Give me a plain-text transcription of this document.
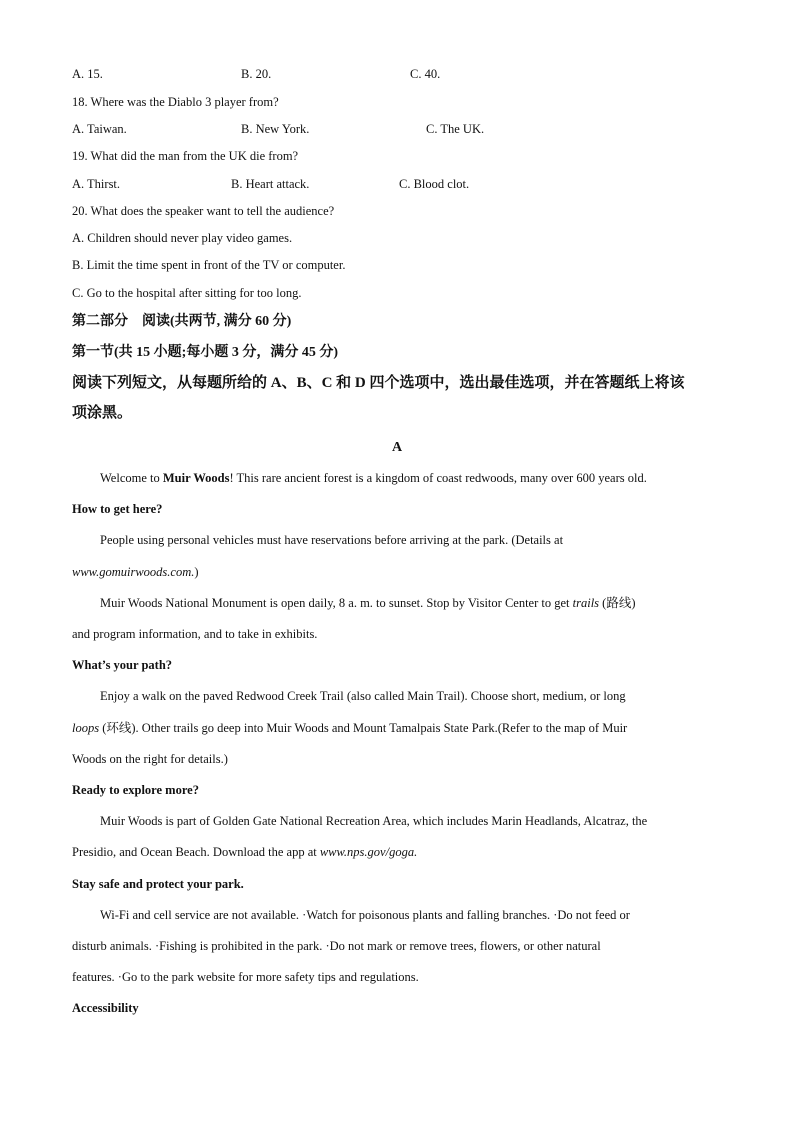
A. 15.	B. 20.	C. 40.
18. Where was the Diablo 3 player from?
A. Taiwan.	B. New York.	C. The UK.
19. What did the man from the UK die from?
A. Thirst.	B. Heart attack.	C. Blood clot.
20. What does the speaker want to tell the audience?
A. Children should never play video games.
B. Limit the time spent in front of the TV or computer.
C. Go to the hospital after sitting for too long.
第二部分　阅读(共两节, 满分 60 分)
第一节(共 15 小题;每小题 3 分，满分 45 分)
阅读下列短文，从每题所给的 A、B、C 和 D 四个选项中，选出最佳选项，并在答题纸上将该
项涂黑。
A
Welcome to Muir Woods! This rare ancient forest is a kingdom of coast redwoods, many over 600 years old.
How to get here?
People using personal vehicles must have reservations before arriving at the park. (Details at
www.gomuirwoods.com.)
Muir Woods National Monument is open daily, 8 a. m. to sunset. Stop by Visitor Center to get trails (路线)
and program information, and to take in exhibits.
What’s your path?
Enjoy a walk on the paved Redwood Creek Trail (also called Main Trail). Choose short, medium, or long
loops (环线). Other trails go deep into Muir Woods and Mount Tamalpais State Park.(Refer to the map of Muir
Woods on the right for details.)
Ready to explore more?
Muir Woods is part of Golden Gate National Recreation Area, which includes Marin Headlands, Alcatraz, the
Presidio, and Ocean Beach. Download the app at www.nps.gov/goga.
Stay safe and protect your park.
Wi-Fi and cell service are not available. ·Watch for poisonous plants and falling branches. ·Do not feed or
disturb animals. ·Fishing is prohibited in the park. ·Do not mark or remove trees, flowers, or other natural
features. ·Go to the park website for more safety tips and regulations.
Accessibility
